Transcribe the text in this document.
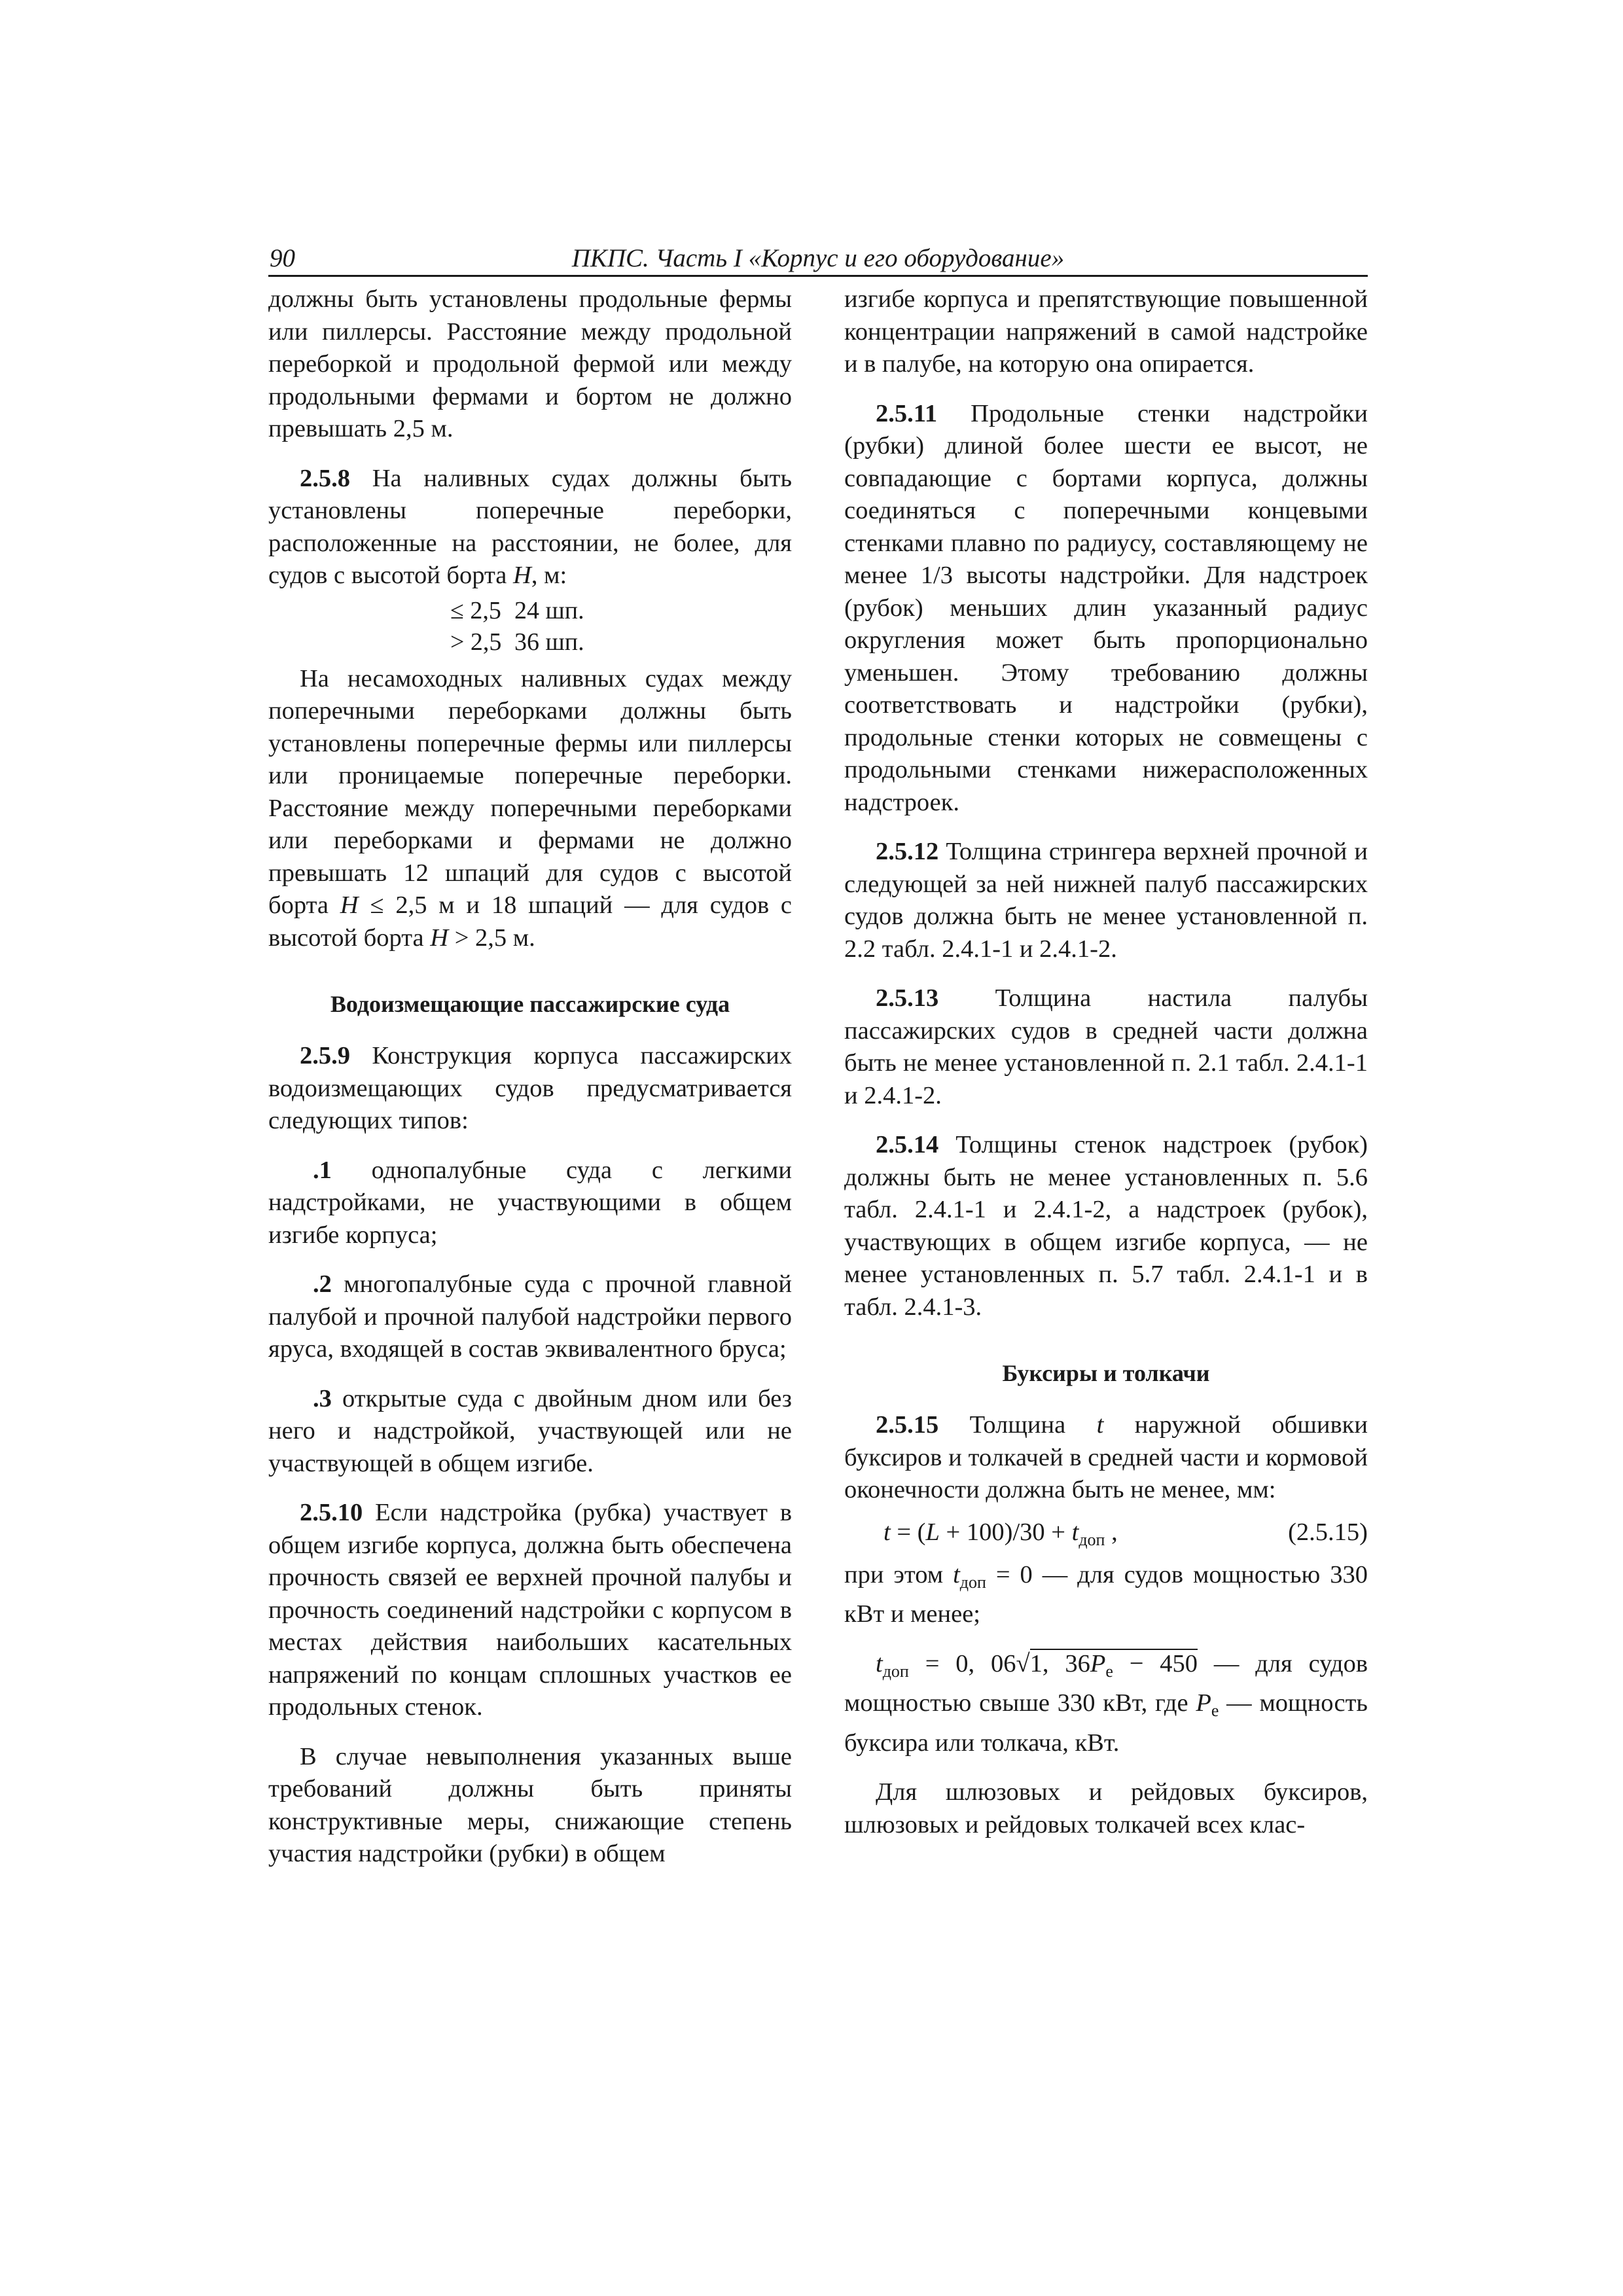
90	ПКПС. Часть I «Корпус и его оборудование»

должны быть установлены продольные фермы или пиллерсы. Расстояние между продольной переборкой и продольной фермой или между продольными фермами и бортом не должно превышать 2,5 м.

2.5.8 На наливных судах должны быть установлены поперечные переборки, расположенные на расстоянии, не более, для судов с высотой борта H, м:

≤ 2,5 24 шп.
> 2,5 36 шп.

На несамоходных наливных судах между поперечными переборками должны быть установлены поперечные фермы или пиллерсы или проницаемые поперечные переборки. Расстояние между поперечными переборками или переборками и фермами не должно превышать 12 шпаций для судов с высотой борта H ≤ 2,5 м и 18 шпаций — для судов с высотой борта H > 2,5 м.

Водоизмещающие пассажирские суда

2.5.9 Конструкция корпуса пассажирских водоизмещающих судов предусматривается следующих типов:

.1 однопалубные суда с легкими надстройками, не участвующими в общем изгибе корпуса;

.2 многопалубные суда с прочной главной палубой и прочной палубой надстройки первого яруса, входящей в состав эквивалентного бруса;

.3 открытые суда с двойным дном или без него и надстройкой, участвующей или не участвующей в общем изгибе.

2.5.10 Если надстройка (рубка) участвует в общем изгибе корпуса, должна быть обеспечена прочность связей ее верхней прочной палубы и прочность соединений надстройки с корпусом в местах действия наибольших касательных напряжений по концам сплошных участков ее продольных стенок.

В случае невыполнения указанных выше требований должны быть приняты конструктивные меры, снижающие степень участия надстройки (рубки) в общем

изгибе корпуса и препятствующие повышенной концентрации напряжений в самой надстройке и в палубе, на которую она опирается.

2.5.11 Продольные стенки надстройки (рубки) длиной более шести ее высот, не совпадающие с бортами корпуса, должны соединяться с поперечными концевыми стенками плавно по радиусу, составляющему не менее 1/3 высоты надстройки. Для надстроек (рубок) меньших длин указанный радиус округления может быть пропорционально уменьшен. Этому требованию должны соответствовать и надстройки (рубки), продольные стенки которых не совмещены с продольными стенками нижерасположенных надстроек.

2.5.12 Толщина стрингера верхней прочной и следующей за ней нижней палуб пассажирских судов должна быть не менее установленной п. 2.2 табл. 2.4.1-1 и 2.4.1-2.

2.5.13 Толщина настила палубы пассажирских судов в средней части должна быть не менее установленной п. 2.1 табл. 2.4.1-1 и 2.4.1-2.

2.5.14 Толщины стенок надстроек (рубок) должны быть не менее установленных п. 5.6 табл. 2.4.1-1 и 2.4.1-2, а надстроек (рубок), участвующих в общем изгибе корпуса, — не менее установленных п. 5.7 табл. 2.4.1-1 и в табл. 2.4.1-3.

Буксиры и толкачи

2.5.15 Толщина t наружной обшивки буксиров и толкачей в средней части и кормовой оконечности должна быть не менее, мм:

$t = (L + 100)/30 + t_{доп}$ ,	(2.5.15)

при этом $t_{доп} = 0$ — для судов мощностью 330 кВт и менее;

$t_{доп} = 0$, 06√1, $36P_e - 450$ — для судов мощностью свыше 330 кВт, где $P_e$ — мощность буксира или толкача, кВт.

Для шлюзовых и рейдовых буксиров, шлюзовых и рейдовых толкачей всех клас-
